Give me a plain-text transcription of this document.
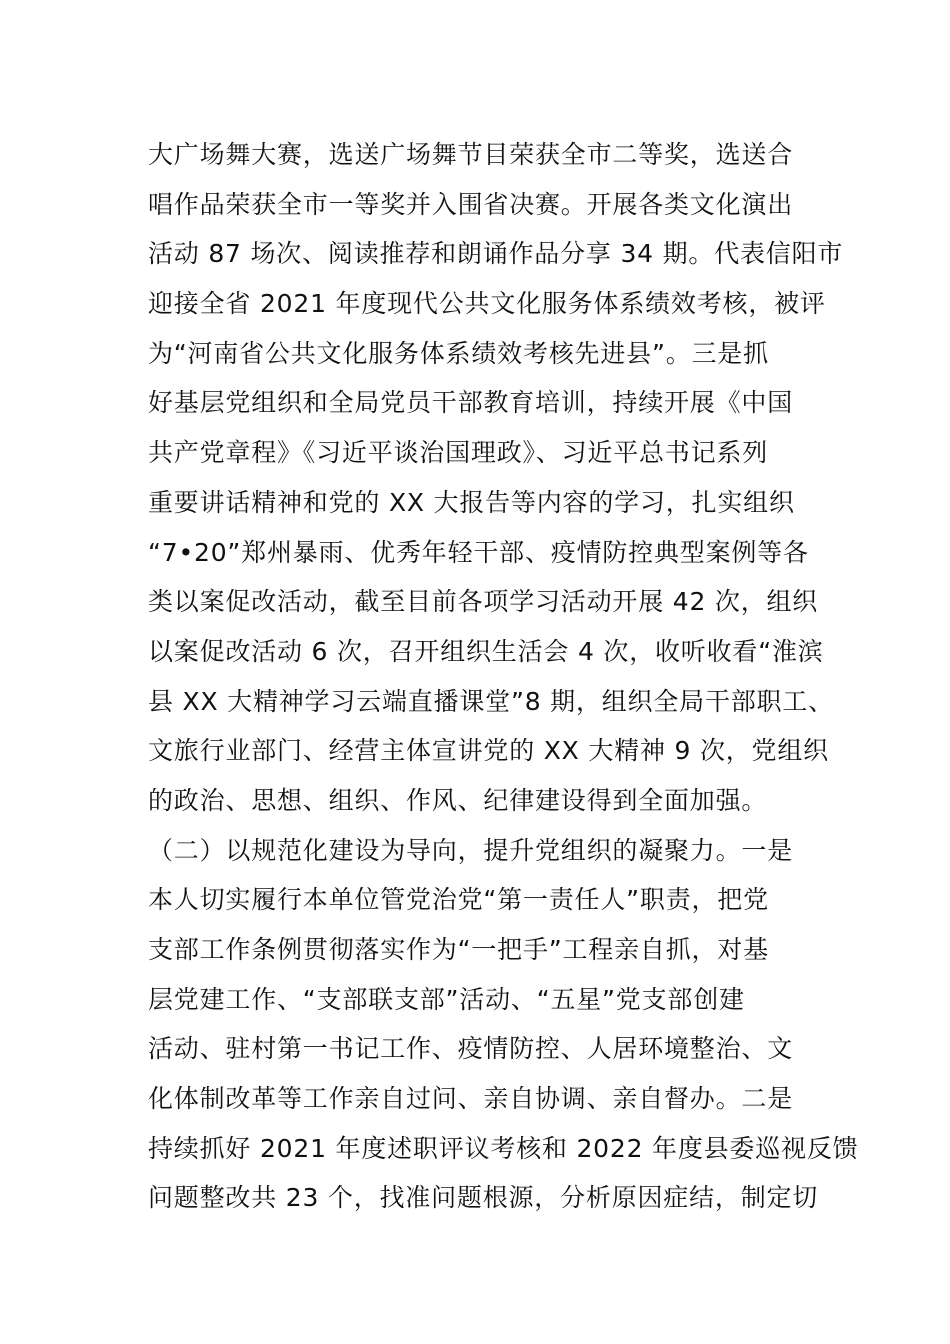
大广场舞大赛，选送广场舞节目荣获全市二等奖，选送合
唱作品荣获全市一等奖并入围省决赛。开展各类文化演出
活动 87 场次、阅读推荐和朗诵作品分享 34 期。代表信阳市
迎接全省 2021 年度现代公共文化服务体系绩效考核，被评
为“河南省公共文化服务体系绩效考核先进县”。三是抓
好基层党组织和全局党员干部教育培训，持续开展《中国
共产党章程》《习近平谈治国理政》、习近平总书记系列
重要讲话精神和党的 XX 大报告等内容的学习，扎实组织
“7•20”郑州暴雨、优秀年轻干部、疫情防控典型案例等各
类以案促改活动，截至目前各项学习活动开展 42 次，组织
以案促改活动 6 次，召开组织生活会 4 次，收听收看“淮滨
县 XX 大精神学习云端直播课堂”8 期，组织全局干部职工、
文旅行业部门、经营主体宣讲党的 XX 大精神 9 次，党组织
的政治、思想、组织、作风、纪律建设得到全面加强。
（二）以规范化建设为导向，提升党组织的凝聚力。一是
本人切实履行本单位管党治党“第一责任人”职责，把党
支部工作条例贯彻落实作为“一把手”工程亲自抓，对基
层党建工作、“支部联支部”活动、“五星”党支部创建
活动、驻村第一书记工作、疫情防控、人居环境整治、文
化体制改革等工作亲自过问、亲自协调、亲自督办。二是
持续抓好 2021 年度述职评议考核和 2022 年度县委巡视反馈
问题整改共 23 个，找准问题根源，分析原因症结，制定切
